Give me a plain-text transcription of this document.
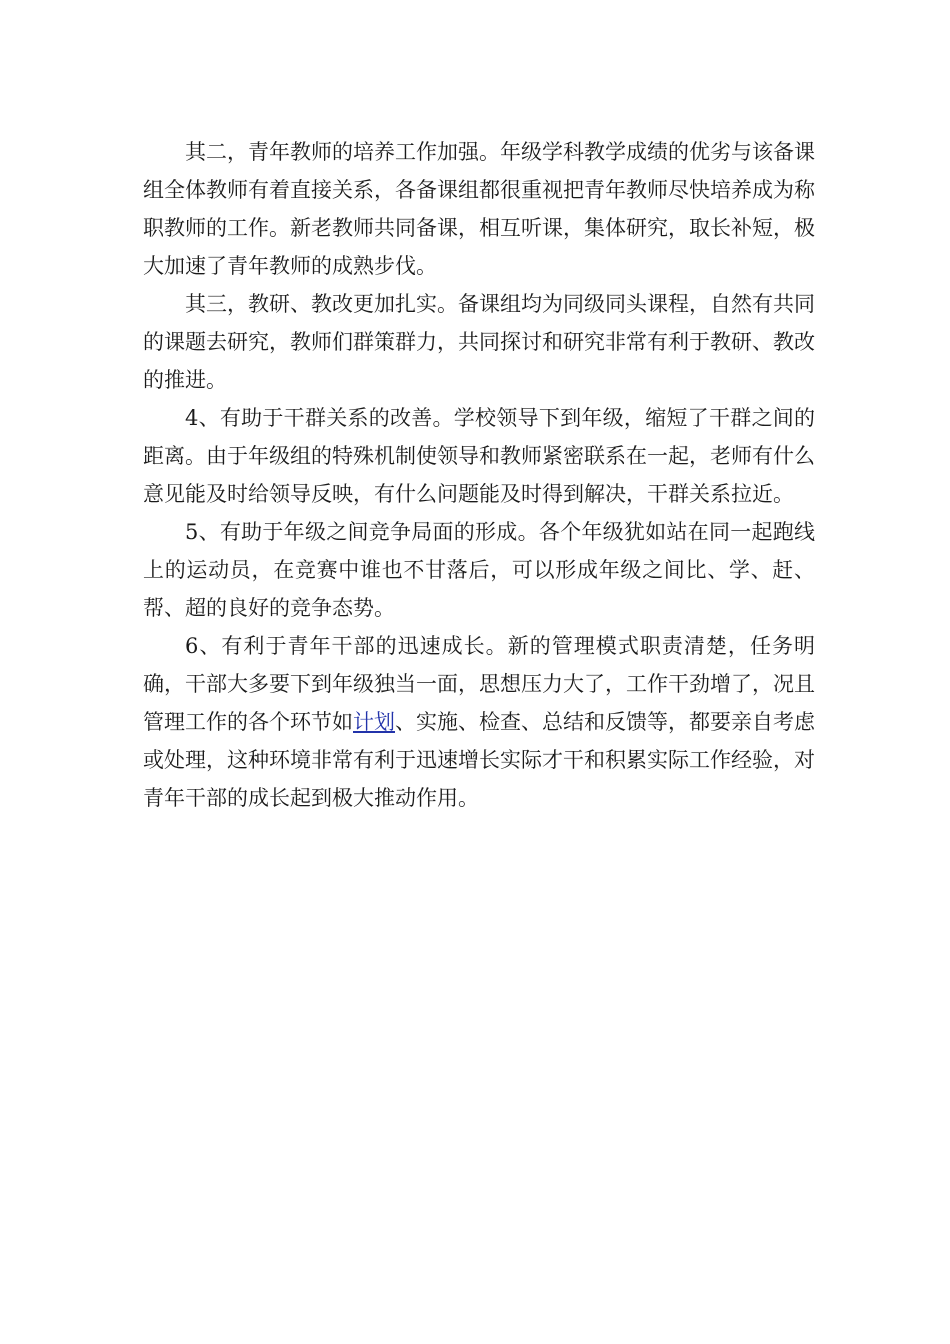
其二，青年教师的培养工作加强。年级学科教学成绩的优劣与该备课组全体教师有着直接关系，各备课组都很重视把青年教师尽快培养成为称职教师的工作。新老教师共同备课，相互听课，集体研究，取长补短，极大加速了青年教师的成熟步伐。

其三，教研、教改更加扎实。备课组均为同级同头课程，自然有共同的课题去研究，教师们群策群力，共同探讨和研究非常有利于教研、教改的推进。

4、有助于干群关系的改善。学校领导下到年级，缩短了干群之间的距离。由于年级组的特殊机制使领导和教师紧密联系在一起，老师有什么意见能及时给领导反映，有什么问题能及时得到解决，干群关系拉近。

5、有助于年级之间竞争局面的形成。各个年级犹如站在同一起跑线上的运动员，在竞赛中谁也不甘落后，可以形成年级之间比、学、赶、帮、超的良好的竞争态势。

6、有利于青年干部的迅速成长。新的管理模式职责清楚，任务明确，干部大多要下到年级独当一面，思想压力大了，工作干劲增了，况且管理工作的各个环节如计划、实施、检查、总结和反馈等，都要亲自考虑或处理，这种环境非常有利于迅速增长实际才干和积累实际工作经验，对青年干部的成长起到极大推动作用。
